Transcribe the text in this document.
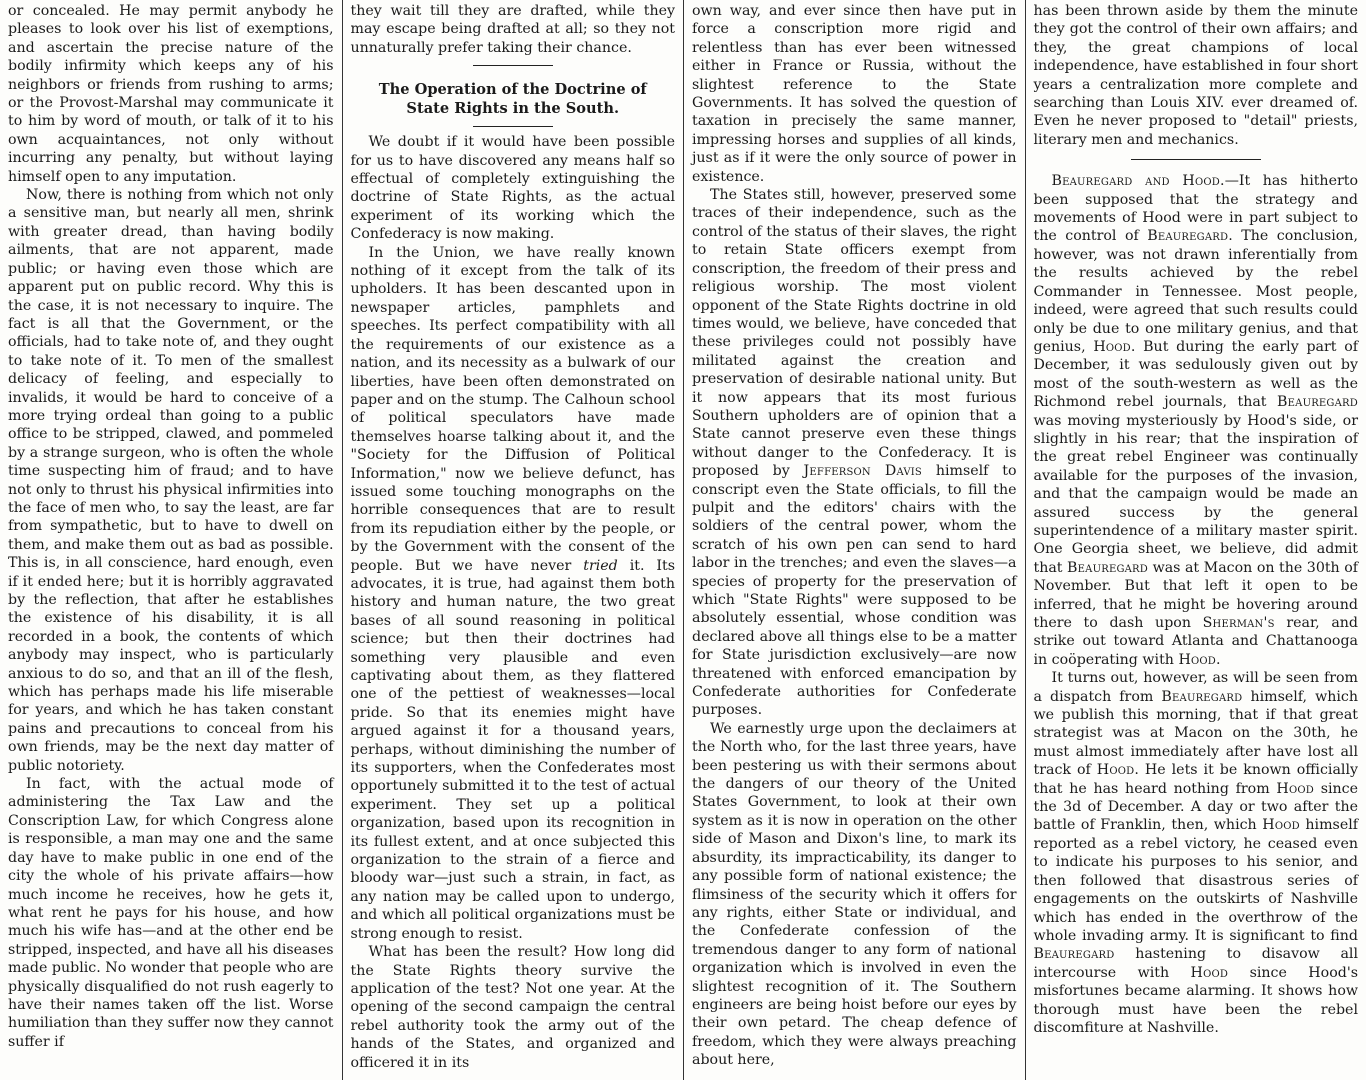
or concealed. He may permit anybody he pleases to look over his list of exemptions, and ascertain the precise nature of the bodily infirmity which keeps any of his neighbors or friends from rushing to arms; or the Provost-Marshal may communicate it to him by word of mouth, or talk of it to his own acquaintances, not only without incurring any penalty, but without laying himself open to any imputation.

Now, there is nothing from which not only a sensitive man, but nearly all men, shrink with greater dread, than having bodily ailments, that are not apparent, made public; or having even those which are apparent put on public record. Why this is the case, it is not necessary to inquire. The fact is all that the Government, or the officials, had to take note of, and they ought to take note of it. To men of the smallest delicacy of feeling, and especially to invalids, it would be hard to conceive of a more trying ordeal than going to a public office to be stripped, clawed, and pommeled by a strange surgeon, who is often the whole time suspecting him of fraud; and to have not only to thrust his physical infirmities into the face of men who, to say the least, are far from sympathetic, but to have to dwell on them, and make them out as bad as possible. This is, in all conscience, hard enough, even if it ended here; but it is horribly aggravated by the reflection, that after he establishes the existence of his disability, it is all recorded in a book, the contents of which anybody may inspect, who is particularly anxious to do so, and that an ill of the flesh, which has perhaps made his life miserable for years, and which he has taken constant pains and precautions to conceal from his own friends, may be the next day matter of public notoriety.

In fact, with the actual mode of administering the Tax Law and the Conscription Law, for which Congress alone is responsible, a man may one and the same day have to make public in one end of the city the whole of his private affairs—how much income he receives, how he gets it, what rent he pays for his house, and how much his wife has—and at the other end be stripped, inspected, and have all his diseases made public. No wonder that people who are physically disqualified do not rush eagerly to have their names taken off the list. Worse humiliation than they suffer now they cannot suffer if

they wait till they are drafted, while they may escape being drafted at all; so they not unnaturally prefer taking their chance.

The Operation of the Doctrine of State Rights in the South.

We doubt if it would have been possible for us to have discovered any means half so effectual of completely extinguishing the doctrine of State Rights, as the actual experiment of its working which the Confederacy is now making.

In the Union, we have really known nothing of it except from the talk of its upholders. It has been descanted upon in newspaper articles, pamphlets and speeches. Its perfect compatibility with all the requirements of our existence as a nation, and its necessity as a bulwark of our liberties, have been often demonstrated on paper and on the stump. The Calhoun school of political speculators have made themselves hoarse talking about it, and the "Society for the Diffusion of Political Information," now we believe defunct, has issued some touching monographs on the horrible consequences that are to result from its repudiation either by the people, or by the Government with the consent of the people. But we have never tried it. Its advocates, it is true, had against them both history and human nature, the two great bases of all sound reasoning in political science; but then their doctrines had something very plausible and even captivating about them, as they flattered one of the pettiest of weaknesses—local pride. So that its enemies might have argued against it for a thousand years, perhaps, without diminishing the number of its supporters, when the Confederates most opportunely submitted it to the test of actual experiment. They set up a political organization, based upon its recognition in its fullest extent, and at once subjected this organization to the strain of a fierce and bloody war—just such a strain, in fact, as any nation may be called upon to undergo, and which all political organizations must be strong enough to resist.

What has been the result? How long did the State Rights theory survive the application of the test? Not one year. At the opening of the second campaign the central rebel authority took the army out of the hands of the States, and organized and officered it in its

own way, and ever since then have put in force a conscription more rigid and relentless than has ever been witnessed either in France or Russia, without the slightest reference to the State Governments. It has solved the question of taxation in precisely the same manner, impressing horses and supplies of all kinds, just as if it were the only source of power in existence.

The States still, however, preserved some traces of their independence, such as the control of the status of their slaves, the right to retain State officers exempt from conscription, the freedom of their press and religious worship. The most violent opponent of the State Rights doctrine in old times would, we believe, have conceded that these privileges could not possibly have militated against the creation and preservation of desirable national unity. But it now appears that its most furious Southern upholders are of opinion that a State cannot preserve even these things without danger to the Confederacy. It is proposed by Jefferson Davis himself to conscript even the State officials, to fill the pulpit and the editors' chairs with the soldiers of the central power, whom the scratch of his own pen can send to hard labor in the trenches; and even the slaves—a species of property for the preservation of which "State Rights" were supposed to be absolutely essential, whose condition was declared above all things else to be a matter for State jurisdiction exclusively—are now threatened with enforced emancipation by Confederate authorities for Confederate purposes.

We earnestly urge upon the declaimers at the North who, for the last three years, have been pestering us with their sermons about the dangers of our theory of the United States Government, to look at their own system as it is now in operation on the other side of Mason and Dixon's line, to mark its absurdity, its impracticability, its danger to any possible form of national existence; the flimsiness of the security which it offers for any rights, either State or individual, and the Confederate confession of the tremendous danger to any form of national organization which is involved in even the slightest recognition of it. The Southern engineers are being hoist before our eyes by their own petard. The cheap defence of freedom, which they were always preaching about here,

has been thrown aside by them the minute they got the control of their own affairs; and they, the great champions of local independence, have established in four short years a centralization more complete and searching than Louis XIV. ever dreamed of. Even he never proposed to "detail" priests, literary men and mechanics.

Beauregard and Hood.—It has hitherto been supposed that the strategy and movements of Hood were in part subject to the control of Beauregard. The conclusion, however, was not drawn inferentially from the results achieved by the rebel Commander in Tennessee. Most people, indeed, were agreed that such results could only be due to one military genius, and that genius, Hood. But during the early part of December, it was sedulously given out by most of the south-western as well as the Richmond rebel journals, that Beauregard was moving mysteriously by Hood's side, or slightly in his rear; that the inspiration of the great rebel Engineer was continually available for the purposes of the invasion, and that the campaign would be made an assured success by the general superintendence of a military master spirit. One Georgia sheet, we believe, did admit that Beauregard was at Macon on the 30th of November. But that left it open to be inferred, that he might be hovering around there to dash upon Sherman's rear, and strike out toward Atlanta and Chattanooga in coöperating with Hood.

It turns out, however, as will be seen from a dispatch from Beauregard himself, which we publish this morning, that if that great strategist was at Macon on the 30th, he must almost immediately after have lost all track of Hood. He lets it be known officially that he has heard nothing from Hood since the 3d of December. A day or two after the battle of Franklin, then, which Hood himself reported as a rebel victory, he ceased even to indicate his purposes to his senior, and then followed that disastrous series of engagements on the outskirts of Nashville which has ended in the overthrow of the whole invading army. It is significant to find Beauregard hastening to disavow all intercourse with Hood since Hood's misfortunes became alarming. It shows how thorough must have been the rebel discomfiture at Nashville.
